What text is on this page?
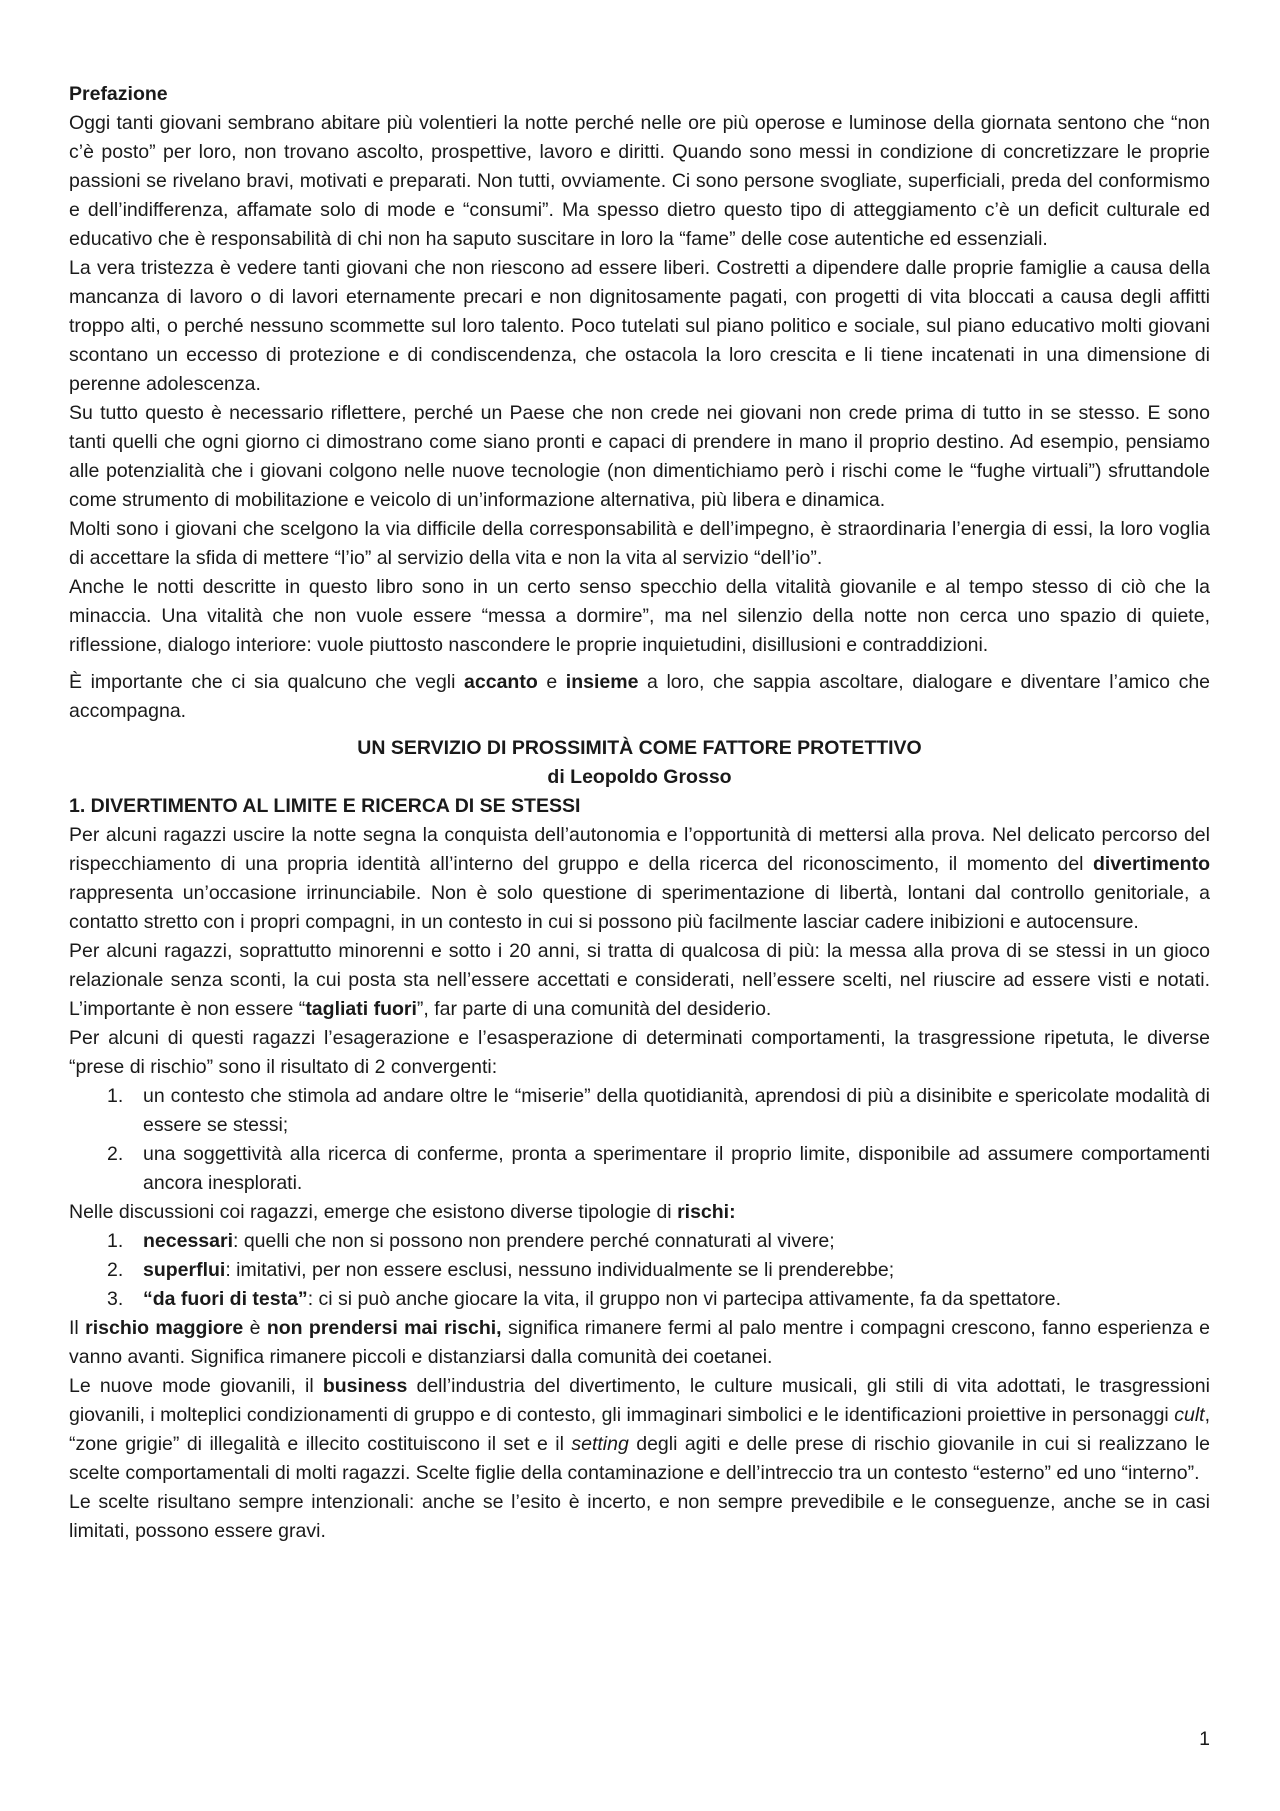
Prefazione

Oggi tanti giovani sembrano abitare più volentieri la notte perché nelle ore più operose e luminose della giornata sentono che “non c’è posto” per loro, non trovano ascolto, prospettive, lavoro e diritti. Quando sono messi in condizione di concretizzare le proprie passioni se rivelano bravi, motivati e preparati. Non tutti, ovviamente. Ci sono persone svogliate, superficiali, preda del conformismo e dell’indifferenza, affamate solo di mode e “consumi”. Ma spesso dietro questo tipo di atteggiamento c’è un deficit culturale ed educativo che è responsabilità di chi non ha saputo suscitare in loro la “fame” delle cose autentiche ed essenziali.

La vera tristezza è vedere tanti giovani che non riescono ad essere liberi. Costretti a dipendere dalle proprie famiglie a causa della mancanza di lavoro o di lavori eternamente precari e non dignitosamente pagati, con progetti di vita bloccati a causa degli affitti troppo alti, o perché nessuno scommette sul loro talento. Poco tutelati sul piano politico e sociale, sul piano educativo molti giovani scontano un eccesso di protezione e di condiscendenza, che ostacola la loro crescita e li tiene incatenati in una dimensione di perenne adolescenza.

Su tutto questo è necessario riflettere, perché un Paese che non crede nei giovani non crede prima di tutto in se stesso. E sono tanti quelli che ogni giorno ci dimostrano come siano pronti e capaci di prendere in mano il proprio destino. Ad esempio, pensiamo alle potenzialità che i giovani colgono nelle nuove tecnologie (non dimentichiamo però i rischi come le “fughe virtuali”) sfruttandole come strumento di mobilitazione e veicolo di un’informazione alternativa, più libera e dinamica.

Molti sono i giovani che scelgono la via difficile della corresponsabilità e dell’impegno, è straordinaria l’energia di essi, la loro voglia di accettare la sfida di mettere “l’io” al servizio della vita e non la vita al servizio “dell’io”.

Anche le notti descritte in questo libro sono in un certo senso specchio della vitalità giovanile e al tempo stesso di ciò che la minaccia. Una vitalità che non vuole essere “messa a dormire”, ma nel silenzio della notte non cerca uno spazio di quiete, riflessione, dialogo interiore: vuole piuttosto nascondere le proprie inquietudini, disillusioni e contraddizioni.

È importante che ci sia qualcuno che vegli accanto e insieme a loro, che sappia ascoltare, dialogare e diventare l’amico che accompagna.

UN SERVIZIO DI PROSSIMITÀ COME FATTORE PROTETTIVO

di Leopoldo Grosso

1. DIVERTIMENTO AL LIMITE E RICERCA DI SE STESSI

Per alcuni ragazzi uscire la notte segna la conquista dell’autonomia e l’opportunità di mettersi alla prova. Nel delicato percorso del rispecchiamento di una propria identità all’interno del gruppo e della ricerca del riconoscimento, il momento del divertimento rappresenta un’occasione irrinunciabile. Non è solo questione di sperimentazione di libertà, lontani dal controllo genitoriale, a contatto stretto con i propri compagni, in un contesto in cui si possono più facilmente lasciar cadere inibizioni e autocensure.

Per alcuni ragazzi, soprattutto minorenni e sotto i 20 anni, si tratta di qualcosa di più: la messa alla prova di se stessi in un gioco relazionale senza sconti, la cui posta sta nell’essere accettati e considerati, nell’essere scelti, nel riuscire ad essere visti e notati. L’importante è non essere “tagliati fuori”, far parte di una comunità del desiderio.

Per alcuni di questi ragazzi l’esagerazione e l’esasperazione di determinati comportamenti, la trasgressione ripetuta, le diverse “prese di rischio” sono il risultato di 2 convergenti:

1. un contesto che stimola ad andare oltre le “miserie” della quotidianità, aprendosi di più a disinibite e spericolate modalità di essere se stessi;
2. una soggettività alla ricerca di conferme, pronta a sperimentare il proprio limite, disponibile ad assumere comportamenti ancora inesplorati.

Nelle discussioni coi ragazzi, emerge che esistono diverse tipologie di rischi:

1. necessari: quelli che non si possono non prendere perché connaturati al vivere;
2. superflui: imitativi, per non essere esclusi, nessuno individualmente se li prenderebbe;
3. “da fuori di testa”: ci si può anche giocare la vita, il gruppo non vi partecipa attivamente, fa da spettatore.

Il rischio maggiore è non prendersi mai rischi, significa rimanere fermi al palo mentre i compagni crescono, fanno esperienza e vanno avanti. Significa rimanere piccoli e distanziarsi dalla comunità dei coetanei.

Le nuove mode giovanili, il business dell’industria del divertimento, le culture musicali, gli stili di vita adottati, le trasgressioni giovanili, i molteplici condizionamenti di gruppo e di contesto, gli immaginari simbolici e le identificazioni proiettive in personaggi cult, “zone grigie” di illegalità e illecito costituiscono il set e il setting degli agiti e delle prese di rischio giovanile in cui si realizzano le scelte comportamentali di molti ragazzi. Scelte figlie della contaminazione e dell’intreccio tra un contesto “esterno” ed uno “interno”.

Le scelte risultano sempre intenzionali: anche se l’esito è incerto, e non sempre prevedibile e le conseguenze, anche se in casi limitati, possono essere gravi.

1
